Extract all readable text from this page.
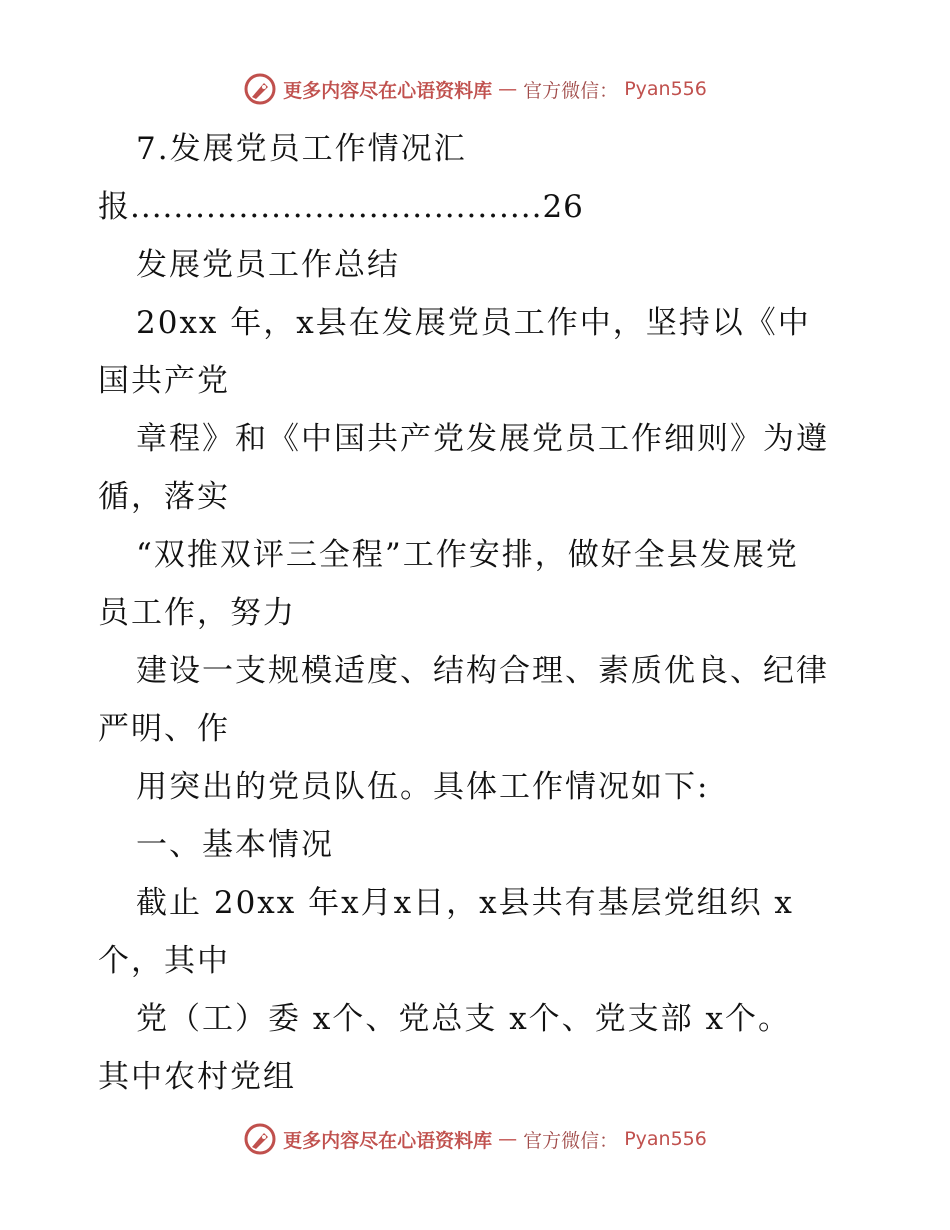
更多内容尽在心语资料库 — 官方微信： Pyan556
7.发展党员工作情况汇
报......................................26
发展党员工作总结
20xx 年，x县在发展党员工作中，坚持以《中
国共产党
章程》和《中国共产党发展党员工作细则》为遵
循，落实
“双推双评三全程”工作安排，做好全县发展党
员工作，努力
建设一支规模适度、结构合理、素质优良、纪律
严明、作
用突出的党员队伍。具体工作情况如下:
一、基本情况
截止 20xx 年x月x日，x县共有基层党组织 x
个，其中
党（工）委 x个、党总支 x个、党支部 x个。
其中农村党组
更多内容尽在心语资料库 — 官方微信： Pyan556
